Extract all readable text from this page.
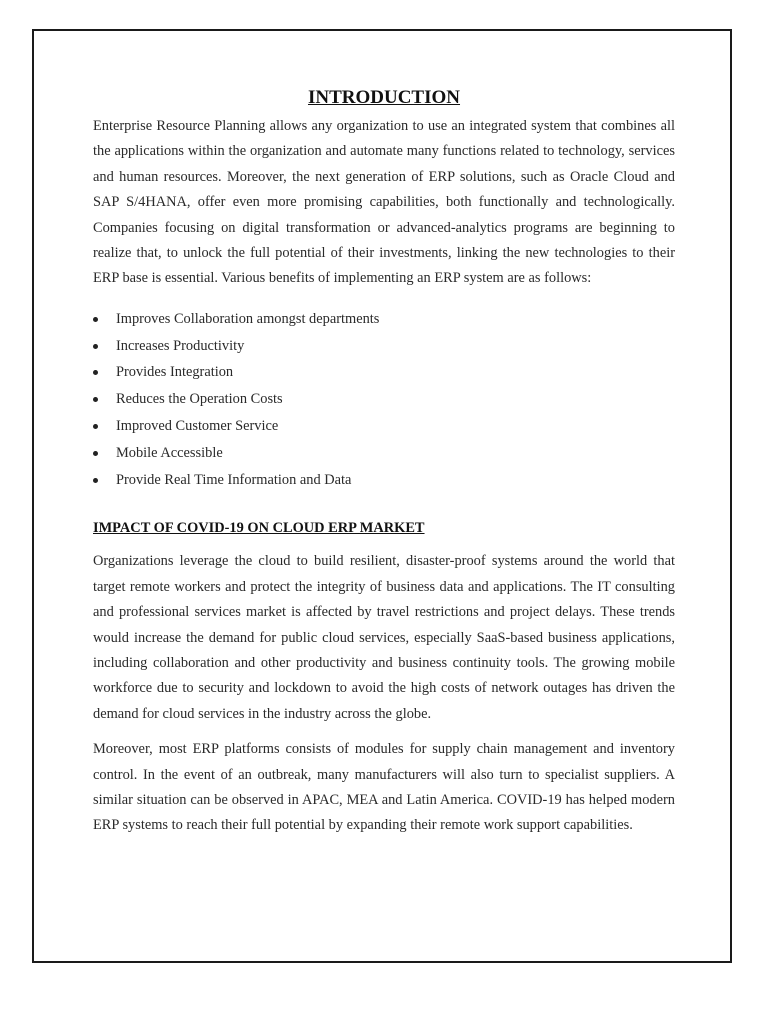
INTRODUCTION

Enterprise Resource Planning allows any organization to use an integrated system that combines all the applications within the organization and automate many functions related to technology, services and human resources. Moreover, the next generation of ERP solutions, such as Oracle Cloud and SAP S/4HANA, offer even more promising capabilities, both functionally and technologically. Companies focusing on digital transformation or advanced-analytics programs are beginning to realize that, to unlock the full potential of their investments, linking the new technologies to their ERP base is essential. Various benefits of implementing an ERP system are as follows:

Improves Collaboration amongst departments
Increases Productivity
Provides Integration
Reduces the Operation Costs
Improved Customer Service
Mobile Accessible
Provide Real Time Information and Data
IMPACT OF COVID-19 ON CLOUD ERP MARKET

Organizations leverage the cloud to build resilient, disaster-proof systems around the world that target remote workers and protect the integrity of business data and applications. The IT consulting and professional services market is affected by travel restrictions and project delays. These trends would increase the demand for public cloud services, especially SaaS-based business applications, including collaboration and other productivity and business continuity tools. The growing mobile workforce due to security and lockdown to avoid the high costs of network outages has driven the demand for cloud services in the industry across the globe.

Moreover, most ERP platforms consists of modules for supply chain management and inventory control. In the event of an outbreak, many manufacturers will also turn to specialist suppliers. A similar situation can be observed in APAC, MEA and Latin America. COVID-19 has helped modern ERP systems to reach their full potential by expanding their remote work support capabilities.
